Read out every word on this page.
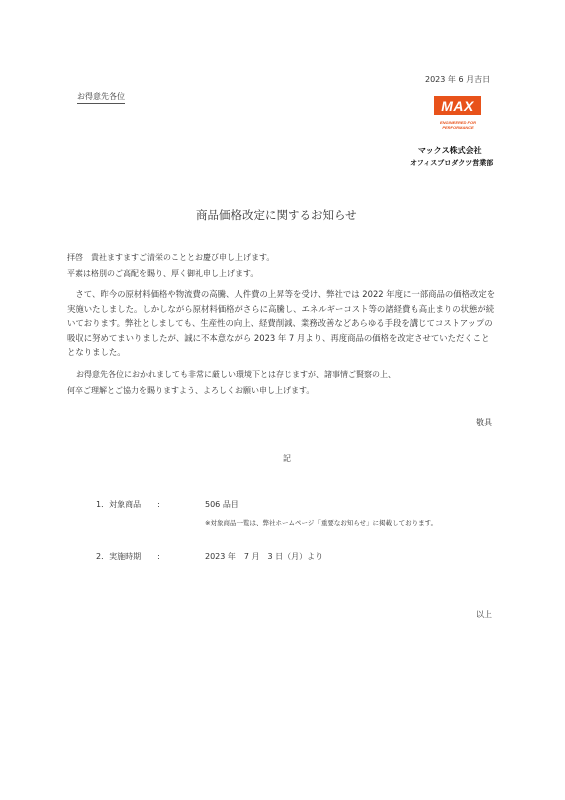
2023 年 6 月吉日
お得意先各位
MAX
ENGINEERED FOR
PERFORMANCE
マックス株式会社
オフィスプロダクツ営業部
商品価格改定に関するお知らせ
拝啓　貴社ますますご清栄のこととお慶び申し上げます。
平素は格別のご高配を賜り、厚く御礼申し上げます。
　さて、昨今の原材料価格や物流費の高騰、人件費の上昇等を受け、弊社では 2022 年度に一部商品の価格改定を実施いたしました。しかしながら原材料価格がさらに高騰し、エネルギーコスト等の諸経費も高止まりの状態が続いております。弊社としましても、生産性の向上、経費削減、業務改善などあらゆる手段を講じてコストアップの吸収に努めてまいりましたが、誠に不本意ながら 2023 年 7 月より、再度商品の価格を改定させていただくこととなりました。
お得意先各位におかれましても非常に厳しい環境下とは存じますが、諸事情ご賢察の上、
何卒ご理解とご協力を賜りますよう、よろしくお願い申し上げます。
敬具
記
1．対象商品　　:	506 品目
※対象商品一覧は、弊社ホームページ「重要なお知らせ」に掲載しております。
2．実施時期　　:	2023 年　7 月　3 日（月）より
以上
